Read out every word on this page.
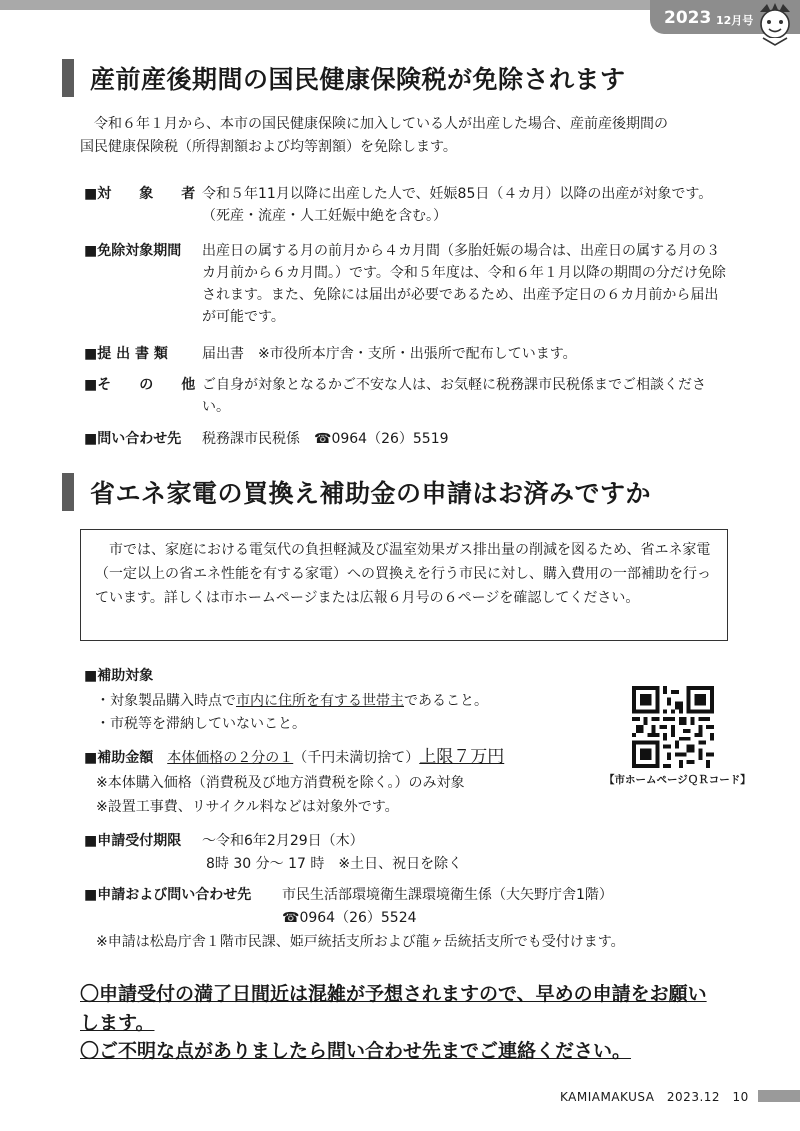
2023 12月号
産前産後期間の国民健康保険税が免除されます
　令和６年１月から、本市の国民健康保険に加入している人が出産した場合、産前産後期間の
国民健康保険税（所得割額および均等割額）を免除します。
■対　　象　　者 令和５年11月以降に出産した人で、妊娠85日（４カ月）以降の出産が対象です。（死産・流産・人工妊娠中絶を含む。）
■免除対象期間 出産日の属する月の前月から４カ月間（多胎妊娠の場合は、出産日の属する月の３カ月前から６カ月間。）です。令和５年度は、令和６年１月以降の期間の分だけ免除されます。また、免除には届出が必要であるため、出産予定日の６カ月前から届出が可能です。
■提 出 書 類 届出書　※市役所本庁舎・支所・出張所で配布しています。
■そ　　の　　他 ご自身が対象となるかご不安な人は、お気軽に税務課市民税係までご相談ください。
■問い合わせ先 税務課市民税係　☎0964（26）5519
省エネ家電の買換え補助金の申請はお済みですか
　市では、家庭における電気代の負担軽減及び温室効果ガス排出量の削減を図るため、省エネ家電（一定以上の省エネ性能を有する家電）への買換えを行う市民に対し、購入費用の一部補助を行っています。詳しくは市ホームページまたは広報６月号の６ページを確認してください。
■補助対象
・対象製品購入時点で市内に住所を有する世帯主であること。
・市税等を滞納していないこと。
■補助金額　 本体価格の２分の１（千円未満切捨て）上限７万円
※本体購入価格（消費税及び地方消費税を除く。）のみ対象
※設置工事費、リサイクル料などは対象外です。
■申請受付期限 ～令和6年2月29日（木）
8時 30 分～ 17 時　※土日、祝日を除く
■申請および問い合わせ先 市民生活部環境衛生課環境衛生係（大矢野庁舎1階）
☎0964（26）5524
※申請は松島庁舎１階市民課、姫戸統括支所および龍ヶ岳統括支所でも受付けます。
【市ホームページＱＲコード】
〇申請受付の満了日間近は混雑が予想されますので、早めの申請をお願い
します。
〇ご不明な点がありましたら問い合わせ先までご連絡ください。
KAMIAMAKUSA　2023.12　10
